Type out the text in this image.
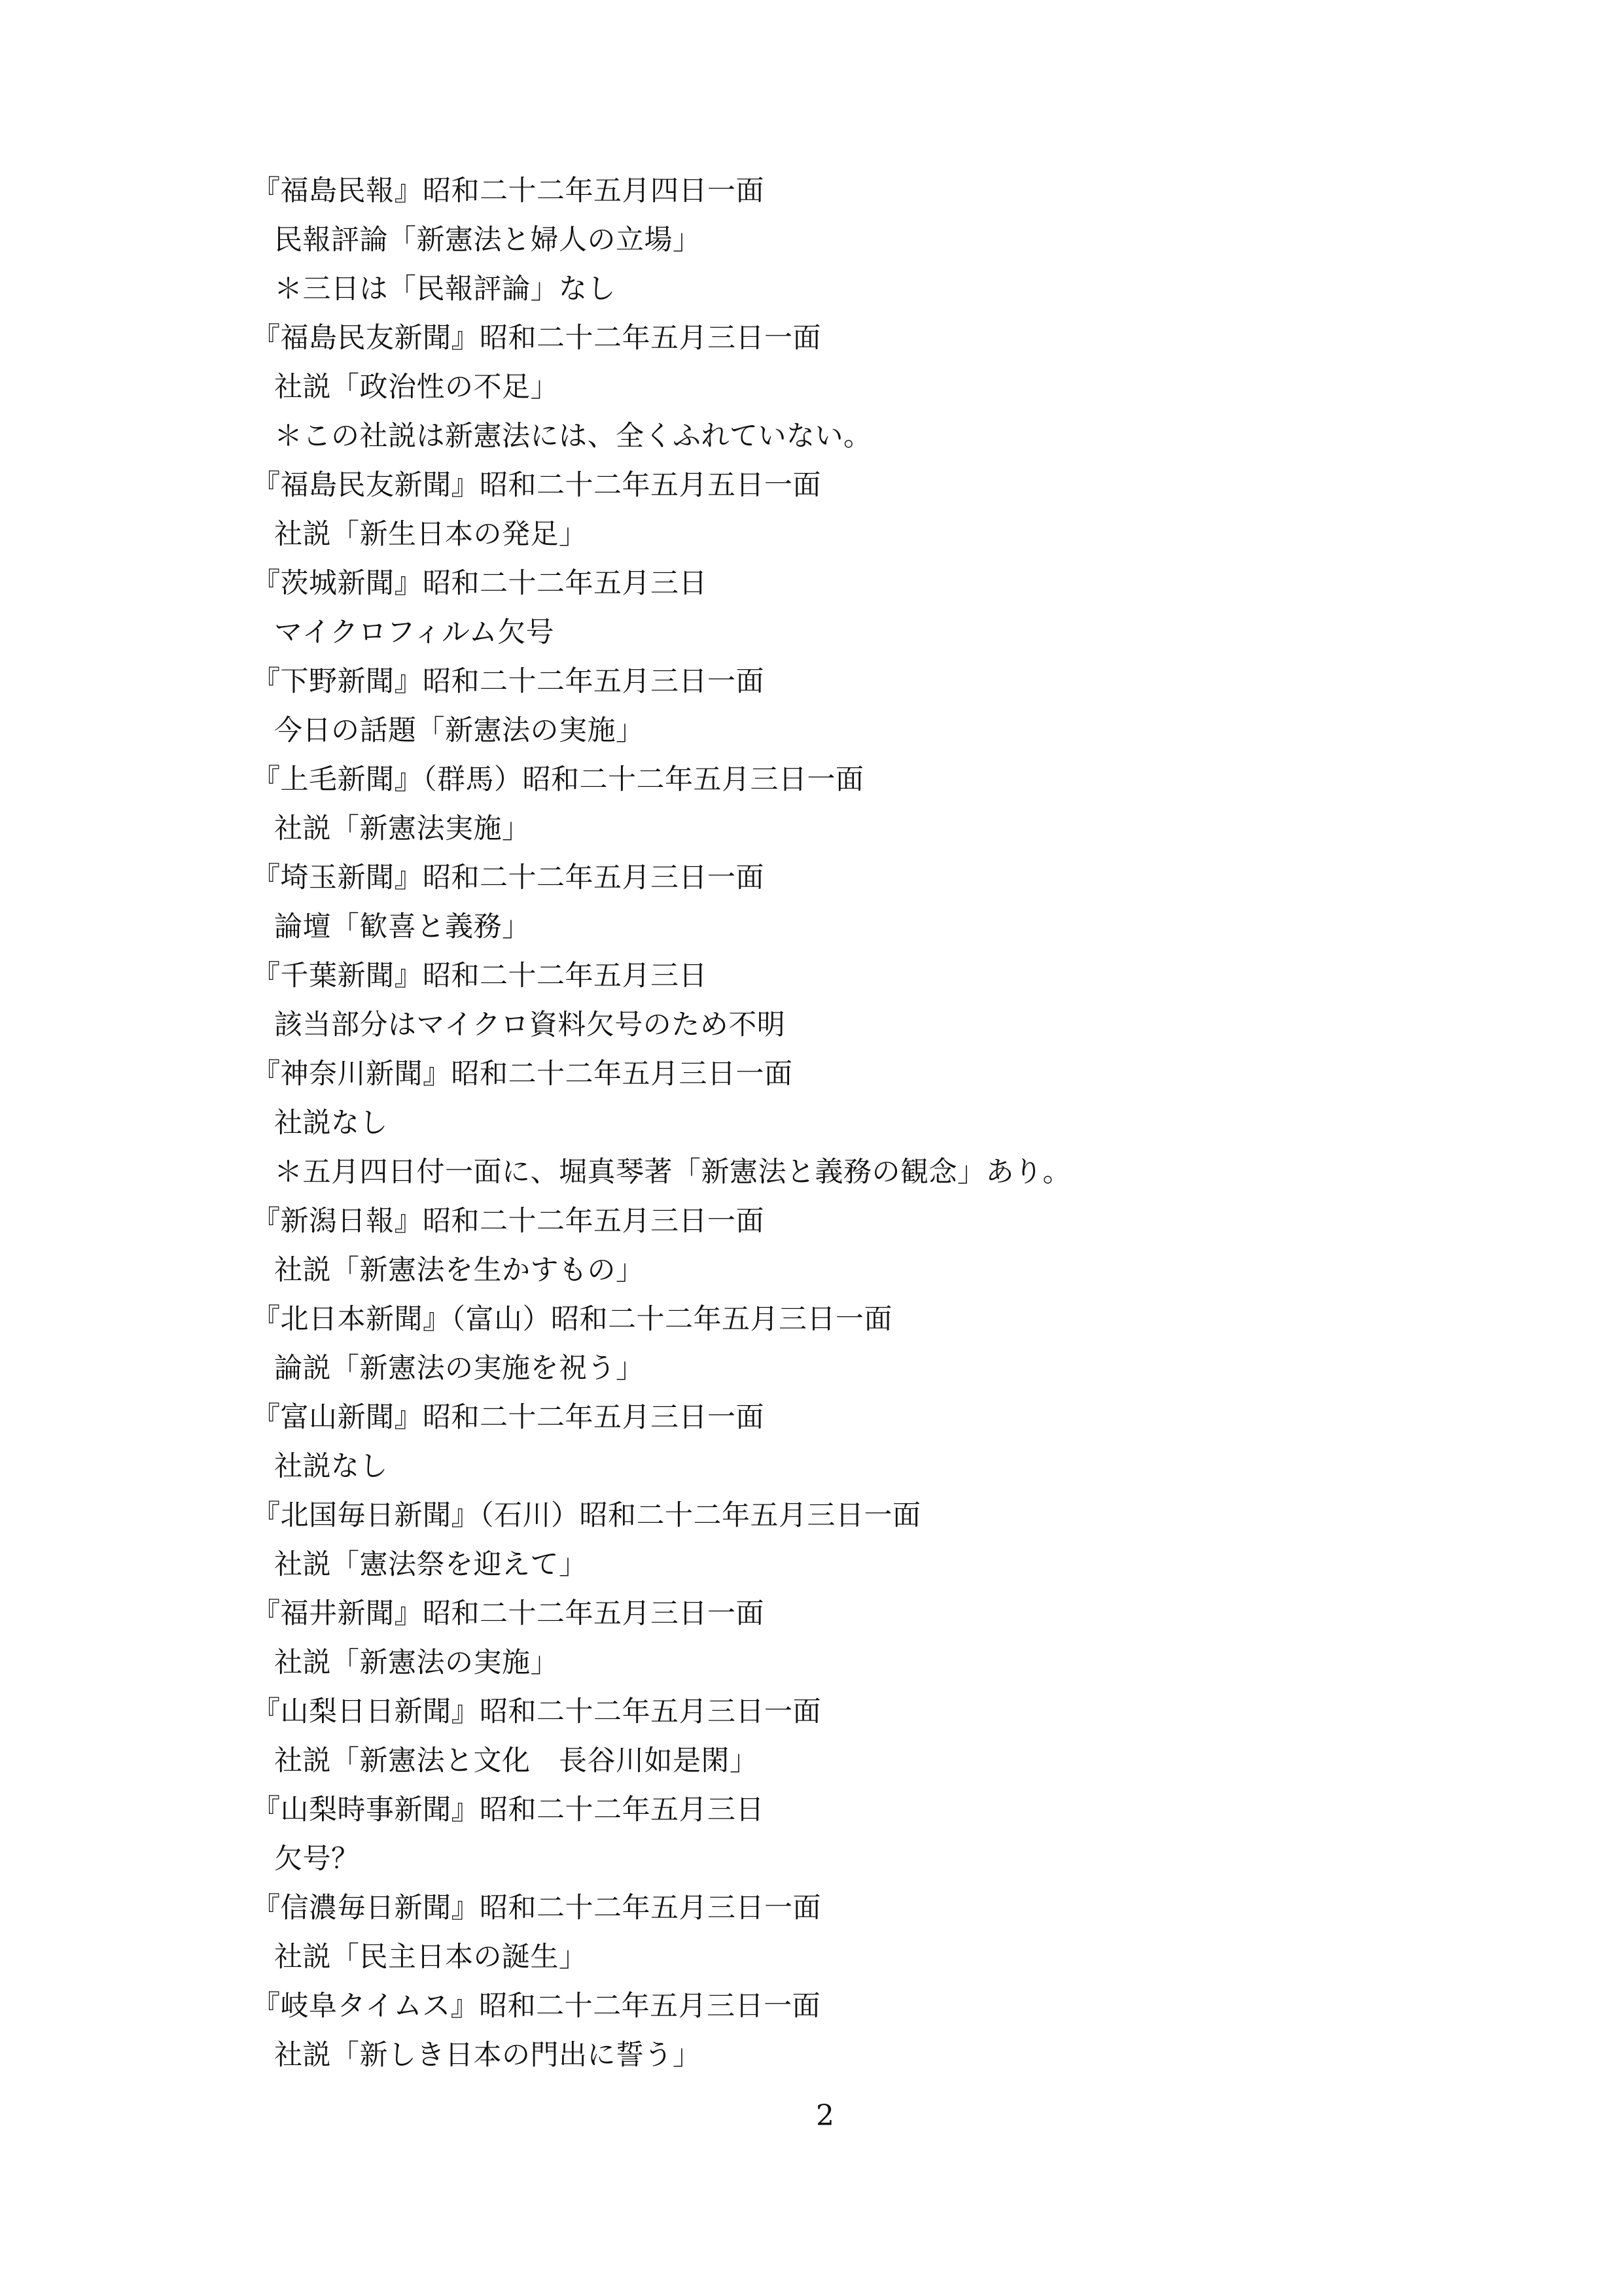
『福島民報』昭和二十二年五月四日一面
民報評論「新憲法と婦人の立場」
＊三日は「民報評論」なし
『福島民友新聞』昭和二十二年五月三日一面
社説「政治性の不足」
＊この社説は新憲法には、全くふれていない。
『福島民友新聞』昭和二十二年五月五日一面
社説「新生日本の発足」
『茨城新聞』昭和二十二年五月三日
マイクロフィルム欠号
『下野新聞』昭和二十二年五月三日一面
今日の話題「新憲法の実施」
『上毛新聞』（群馬）昭和二十二年五月三日一面
社説「新憲法実施」
『埼玉新聞』昭和二十二年五月三日一面
論壇「歓喜と義務」
『千葉新聞』昭和二十二年五月三日
該当部分はマイクロ資料欠号のため不明
『神奈川新聞』昭和二十二年五月三日一面
社説なし
＊五月四日付一面に、堀真琴著「新憲法と義務の観念」あり。
『新潟日報』昭和二十二年五月三日一面
社説「新憲法を生かすもの」
『北日本新聞』（富山）昭和二十二年五月三日一面
論説「新憲法の実施を祝う」
『富山新聞』昭和二十二年五月三日一面
社説なし
『北国毎日新聞』（石川）昭和二十二年五月三日一面
社説「憲法祭を迎えて」
『福井新聞』昭和二十二年五月三日一面
社説「新憲法の実施」
『山梨日日新聞』昭和二十二年五月三日一面
社説「新憲法と文化　長谷川如是閑」
『山梨時事新聞』昭和二十二年五月三日
欠号？
『信濃毎日新聞』昭和二十二年五月三日一面
社説「民主日本の誕生」
『岐阜タイムス』昭和二十二年五月三日一面
社説「新しき日本の門出に誓う」
2
